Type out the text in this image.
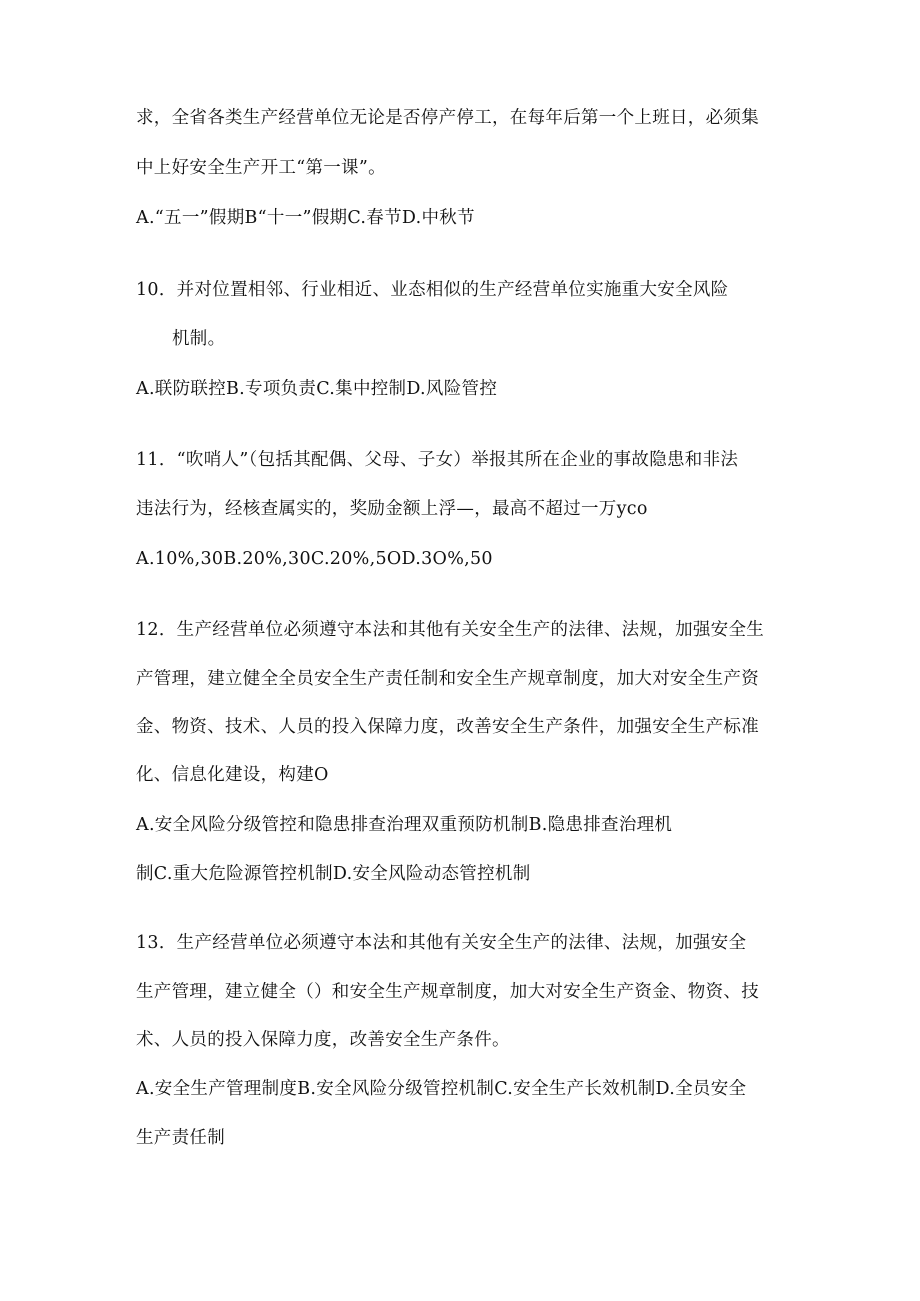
求，全省各类生产经营单位无论是否停产停工，在每年后第一个上班日，必须集
中上好安全生产开工“第一课”。
A.“五一”假期B“十一”假期C.春节D.中秋节
10．并对位置相邻、行业相近、业态相似的生产经营单位实施重大安全风险
机制。
A.联防联控B.专项负责C.集中控制D.风险管控
11．“吹哨人”（包括其配偶、父母、子女）举报其所在企业的事故隐患和非法
违法行为，经核查属实的，奖励金额上浮—，最高不超过一万yco
A.10%,30B.20%,30C.20%,5OD.3O%,50
12．生产经营单位必须遵守本法和其他有关安全生产的法律、法规，加强安全生
产管理，建立健全全员安全生产责任制和安全生产规章制度，加大对安全生产资
金、物资、技术、人员的投入保障力度，改善安全生产条件，加强安全生产标准
化、信息化建设，构建O
A.安全风险分级管控和隐患排查治理双重预防机制B.隐患排查治理机
制C.重大危险源管控机制D.安全风险动态管控机制
13．生产经营单位必须遵守本法和其他有关安全生产的法律、法规，加强安全
生产管理，建立健全（）和安全生产规章制度，加大对安全生产资金、物资、技
术、人员的投入保障力度，改善安全生产条件。
A.安全生产管理制度B.安全风险分级管控机制C.安全生产长效机制D.全员安全
生产责任制
